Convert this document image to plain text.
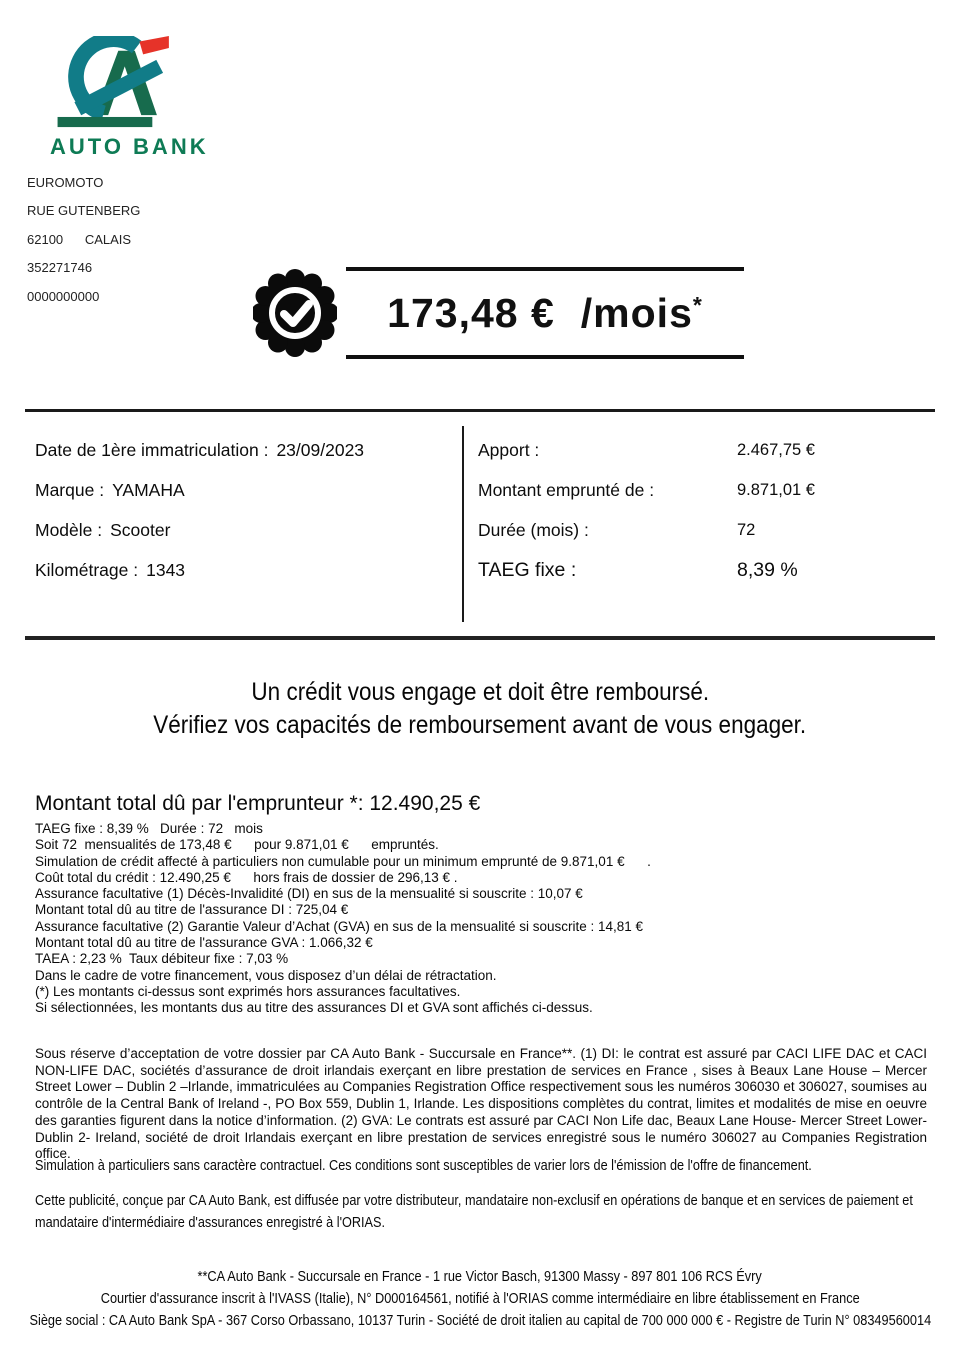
AUTO BANK
EUROMOTO
RUE GUTENBERG
62100      CALAIS
352271746
0000000000	173,48 € /mois*
Date de 1ère immatriculation : 23/09/2023
Marque : YAMAHA
Modèle : Scooter
Kilométrage : 1343
Apport :	2.467,75 €
Montant emprunté de :	9.871,01 €
Durée (mois) :	72
TAEG fixe :	8,39 %
Un crédit vous engage et doit être remboursé.
Vérifiez vos capacités de remboursement avant de vous engager.
Montant total dû par l'emprunteur *: 12.490,25 €
TAEG fixe : 8,39 %   Durée : 72   mois
Soit 72  mensualités de 173,48 €      pour 9.871,01 €      empruntés.
Simulation de crédit affecté à particuliers non cumulable pour un minimum emprunté de 9.871,01 €      .
Coût total du crédit : 12.490,25 €      hors frais de dossier de 296,13 € .
Assurance facultative (1) Décès-Invalidité (DI) en sus de la mensualité si souscrite : 10,07 €
Montant total dû au titre de l'assurance DI : 725,04 €
Assurance facultative (2) Garantie Valeur d’Achat (GVA) en sus de la mensualité si souscrite : 14,81 €
Montant total dû au titre de l'assurance GVA : 1.066,32 €
TAEA : 2,23 %  Taux débiteur fixe : 7,03 %
Dans le cadre de votre financement, vous disposez d’un délai de rétractation.
(*) Les montants ci-dessus sont exprimés hors assurances facultatives.
Si sélectionnées, les montants dus au titre des assurances DI et GVA sont affichés ci-dessus.
Sous réserve d’acceptation de votre dossier par CA Auto Bank - Succursale en France**. (1) DI: le contrat est assuré par CACI LIFE DAC et CACI NON-LIFE DAC, sociétés d’assurance de droit irlandais exerçant en libre prestation de services en France , sises à Beaux Lane House – Mercer Street Lower – Dublin 2 –Irlande, immatriculées au Companies Registration Office respectivement sous les numéros 306030 et 306027, soumises au contrôle de la Central Bank of Ireland -, PO Box 559, Dublin 1, Irlande. Les dispositions complètes du contrat, limites et modalités de mise en oeuvre des garanties figurent dans la notice d’information. (2) GVA: Le contrats est assuré par CACI Non Life dac, Beaux Lane House- Mercer Street Lower- Dublin 2- Ireland, société de droit Irlandais exerçant en libre prestation de services enregistré sous le numéro 306027 au Companies Registration office.
Simulation à particuliers sans caractère contractuel. Ces conditions sont susceptibles de varier lors de l'émission de l'offre de financement.
Cette publicité, conçue par CA Auto Bank, est diffusée par votre distributeur, mandataire non-exclusif en opérations de banque et en services de paiement et mandataire d'intermédiaire d'assurances enregistré à l'ORIAS.
**CA Auto Bank - Succursale en France - 1 rue Victor Basch, 91300 Massy - 897 801 106 RCS Évry
Courtier d'assurance inscrit à l'IVASS (Italie), N° D000164561, notifié à l'ORIAS comme intermédiaire en libre établissement en France
Siège social : CA Auto Bank SpA - 367 Corso Orbassano, 10137 Turin - Société de droit italien au capital de 700 000 000 € - Registre de Turin N° 08349560014
